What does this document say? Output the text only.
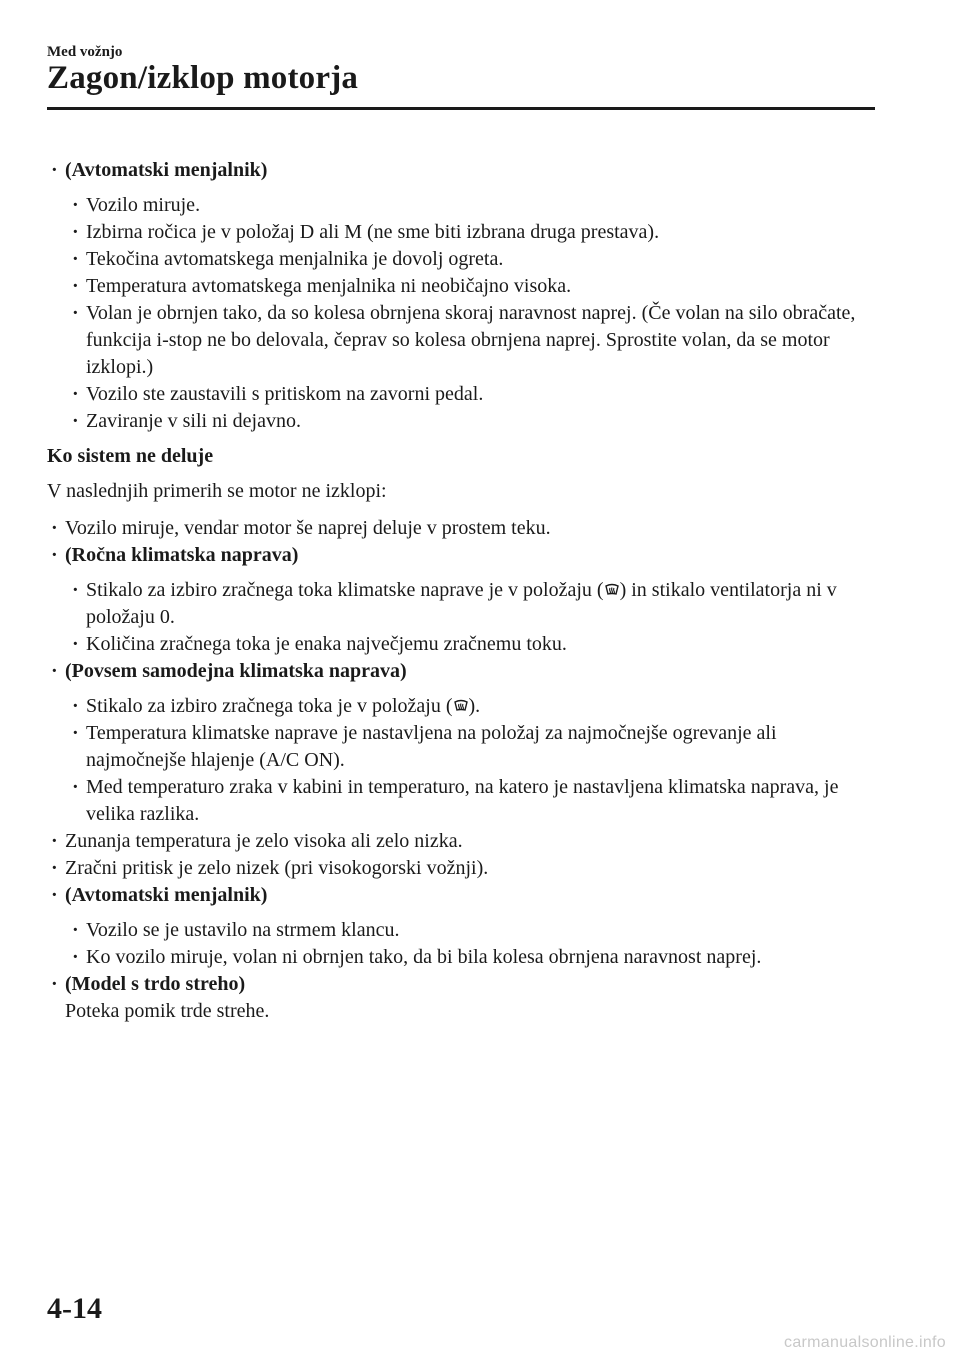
Med vožnjo
Zagon/izklop motorja
· (Avtomatski menjalnik)
· Vozilo miruje.
· Izbirna ročica je v položaj D ali M (ne sme biti izbrana druga prestava).
· Tekočina avtomatskega menjalnika je dovolj ogreta.
· Temperatura avtomatskega menjalnika ni neobičajno visoka.
· Volan je obrnjen tako, da so kolesa obrnjena skoraj naravnost naprej. (Če volan na silo obračate, funkcija i-stop ne bo delovala, čeprav so kolesa obrnjena naprej. Sprostite volan, da se motor izklopi.)
· Vozilo ste zaustavili s pritiskom na zavorni pedal.
· Zaviranje v sili ni dejavno.
Ko sistem ne deluje
V naslednjih primerih se motor ne izklopi:
· Vozilo miruje, vendar motor še naprej deluje v prostem teku.
· (Ročna klimatska naprava)
· Stikalo za izbiro zračnega toka klimatske naprave je v položaju ( ) in stikalo ventilatorja ni v položaju 0.
· Količina zračnega toka je enaka največjemu zračnemu toku.
· (Povsem samodejna klimatska naprava)
· Stikalo za izbiro zračnega toka je v položaju ( ).
· Temperatura klimatske naprave je nastavljena na položaj za najmočnejše ogrevanje ali najmočnejše hlajenje (A/C ON).
· Med temperaturo zraka v kabini in temperaturo, na katero je nastavljena klimatska naprava, je velika razlika.
· Zunanja temperatura je zelo visoka ali zelo nizka.
· Zračni pritisk je zelo nizek (pri visokogorski vožnji).
· (Avtomatski menjalnik)
· Vozilo se je ustavilo na strmem klancu.
· Ko vozilo miruje, volan ni obrnjen tako, da bi bila kolesa obrnjena naravnost naprej.
· (Model s trdo streho)
Poteka pomik trde strehe.
4-14
carmanualsonline.info
